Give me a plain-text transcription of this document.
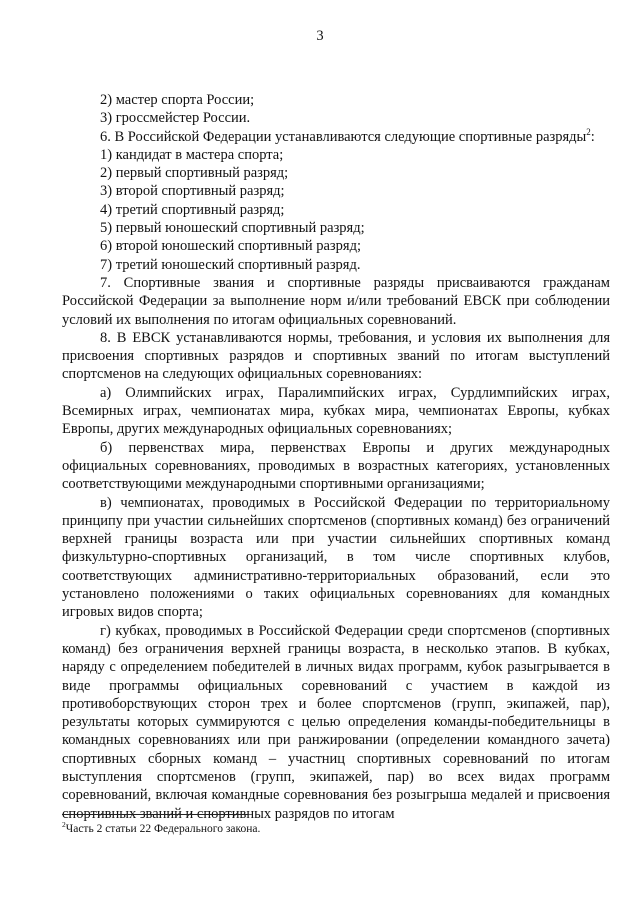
3

2) мастер спорта России;

3) гроссмейстер России.

6. В Российской Федерации устанавливаются следующие спортивные разряды$^2$:

1) кандидат в мастера спорта;

2) первый спортивный разряд;

3) второй спортивный разряд;

4) третий спортивный разряд;

5) первый юношеский спортивный разряд;

6) второй юношеский спортивный разряд;

7) третий юношеский спортивный разряд.

7. Спортивные звания и спортивные разряды присваиваются гражданам Российской Федерации за выполнение норм и/или требований ЕВСК при соблюдении условий их выполнения по итогам официальных соревнований.

8. В ЕВСК устанавливаются нормы, требования, и условия их выполнения для присвоения спортивных разрядов и спортивных званий по итогам выступлений спортсменов на следующих официальных соревнованиях:

а) Олимпийских играх, Паралимпийских играх, Сурдлимпийских играх, Всемирных играх, чемпионатах мира, кубках мира, чемпионатах Европы, кубках Европы, других международных официальных соревнованиях;

б) первенствах мира, первенствах Европы и других международных официальных соревнованиях, проводимых в возрастных категориях, установленных соответствующими международными спортивными организациями;

в) чемпионатах, проводимых в Российской Федерации по территориальному принципу при участии сильнейших спортсменов (спортивных команд) без ограничений верхней границы возраста или при участии сильнейших спортивных команд физкультурно-спортивных организаций, в том числе спортивных клубов, соответствующих административно-территориальных образований, если это установлено положениями о таких официальных соревнованиях для командных игровых видов спорта;

г) кубках, проводимых в Российской Федерации среди спортсменов (спортивных команд) без ограничения верхней границы возраста, в несколько этапов. В кубках, наряду с определением победителей в личных видах программ, кубок разыгрывается в виде программы официальных соревнований с участием в каждой из противоборствующих сторон трех и более спортсменов (групп, экипажей, пар), результаты которых суммируются с целью определения команды-победительницы в командных соревнованиях или при ранжировании (определении командного зачета) спортивных сборных команд – участниц спортивных соревнований по итогам выступления спортсменов (групп, экипажей, пар) во всех видах программ соревнований, включая командные соревнования без розыгрыша медалей и присвоения спортивных званий и спортивных разрядов по итогам

$^2$Часть 2 статьи 22 Федерального закона.
